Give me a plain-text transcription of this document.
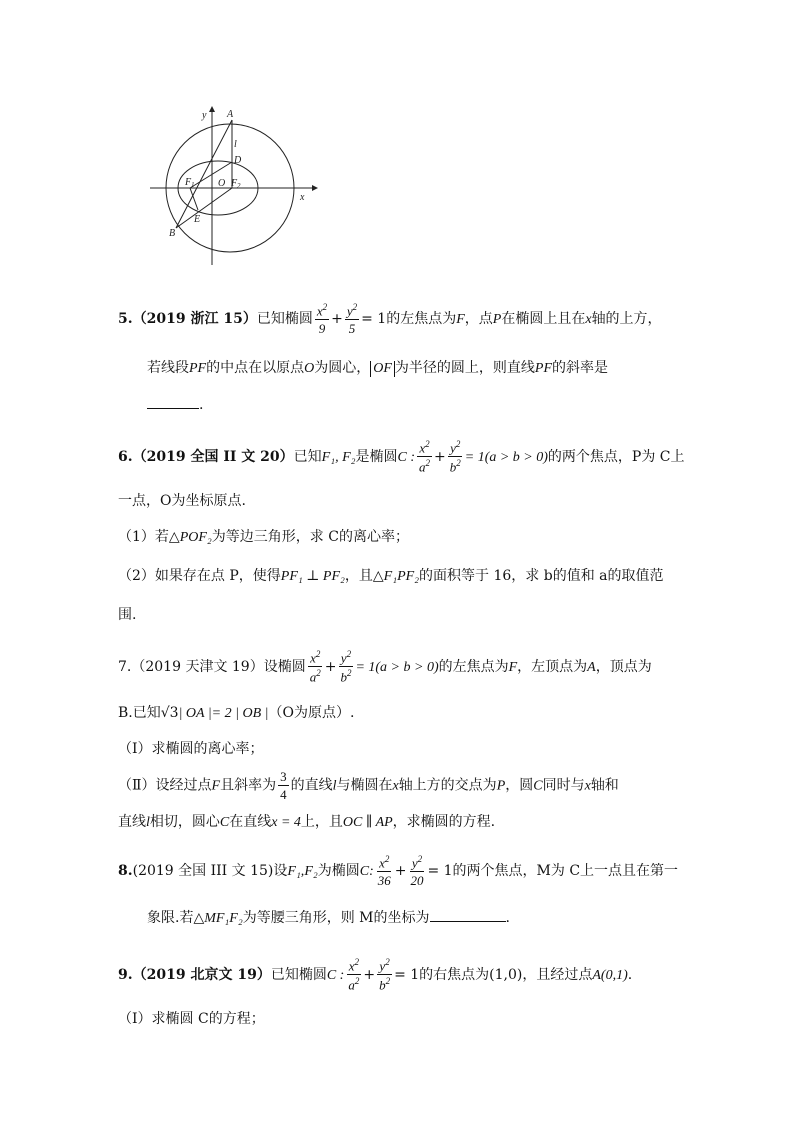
y
x
A
l
D
F 1 O F 2
E
B
5.（2019 浙江 15）已知椭圆 $\frac{x^2}{9} + \frac{y^2}{5} = 1$的左焦点为F，点P在椭圆上且在x轴的上方，
若线段PF的中点在以原点O为圆心， OF 为半径的圆上，则直线PF的斜率是
.
6.（2019 全国 II 文 20）已知F₁, F₂是椭圆C : $\frac{x^2}{a^2} + \frac{y^2}{b^2} = 1(a > b > 0)$的两个焦点，P为 C上
一点，O为坐标原点.
（1）若△POF₂为等边三角形，求 C的离心率；
（2）如果存在点 P，使得PF₁ ⊥ PF₂，且△F₁PF₂的面积等于 16，求 b的值和 a的取值范
围.
7.（2019 天津文 19）设椭圆 $\frac{x^2}{a^2} + \frac{y^2}{b^2} = 1(a > b > 0)$的左焦点为F，左顶点为A，顶点为
B.已知√3| OA |= 2 | OB |（O为原点）.
（Ⅰ）求椭圆的离心率；
（Ⅱ）设经过点F且斜率为 $\frac{3}{4}$ 的直线l与椭圆在x轴上方的交点为P，圆C同时与x轴和
直线l相切，圆心C在直线x = 4上，且OC ∥ AP，求椭圆的方程.
8.(2019 全国 III 文 15)设F₁,F₂为椭圆C: $\frac{x^2}{36} + \frac{y^2}{20} = 1$的两个焦点，M为 C上一点且在第一
象限.若△MF₁F₂为等腰三角形，则 M的坐标为	.
9.（2019 北京文 19）已知椭圆C : $\frac{x^2}{a^2} + \frac{y^2}{b^2} = 1$的右焦点为(1,0)，且经过点A(0,1).
（Ⅰ）求椭圆 C的方程；
